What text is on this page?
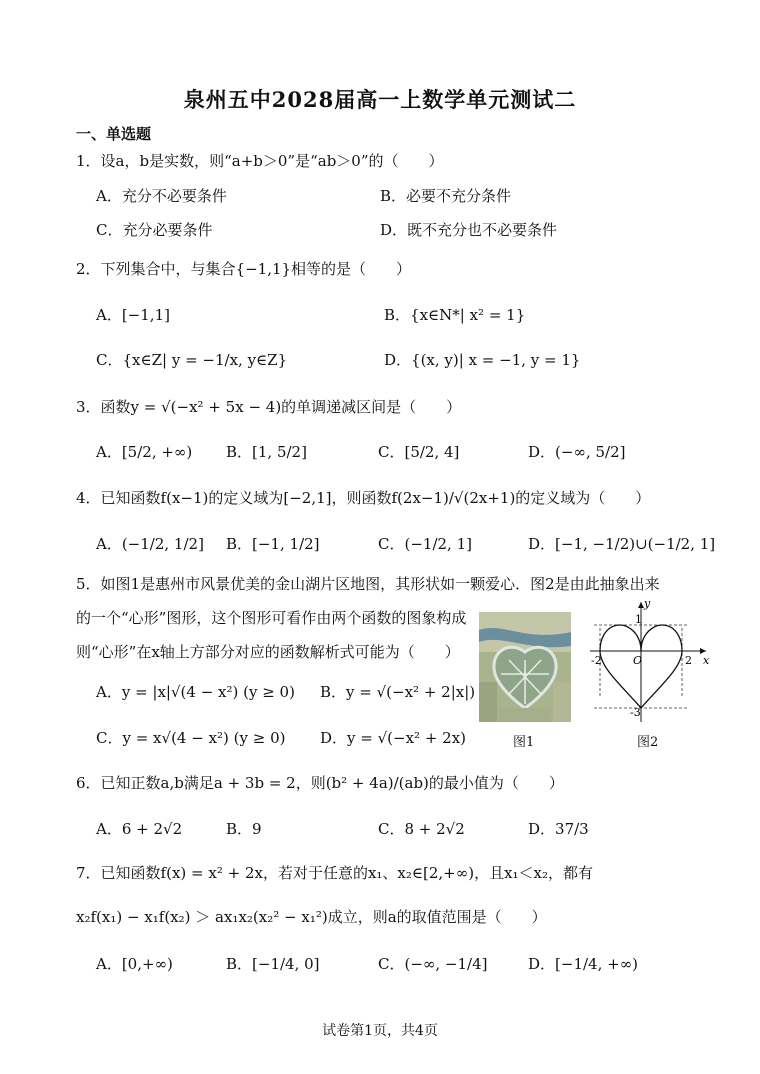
泉州五中2028届高一上数学单元测试二
一、单选题
1．设a，b是实数，则“a+b＞0”是“ab＞0”的（　　）
A．充分不必要条件	B．必要不充分条件
C．充分必要条件	D．既不充分也不必要条件
2．下列集合中，与集合{−1,1}相等的是（　　）
A．[−1,1]	B．{x∈N*| x² = 1}
C．{x∈Z| y = −1/x, y∈Z}	D．{(x, y)| x = −1, y = 1}
3．函数y = √(−x² + 5x − 4)的单调递减区间是（　　）
A．[5/2, +∞) B．[1, 5/2]	C．[5/2, 4]	D．(−∞, 5/2]
4．已知函数f(x−1)的定义域为[−2,1]，则函数f(2x−1)/√(2x+1)的定义域为（　　）
A．(−1/2, 1/2] B．[−1, 1/2]	C．(−1/2, 1]	D．[−1, −1/2)∪(−1/2, 1]
5．如图1是惠州市风景优美的金山湖片区地图，其形状如一颗爱心．图2是由此抽象出来
的一个“心形”图形，这个图形可看作由两个函数的图象构成
则“心形”在x轴上方部分对应的函数解析式可能为（　　）
A．y = |x|√(4 − x²) (y ≥ 0) B．y = √(−x² + 2|x|)
C．y = x√(4 − x²) (y ≥ 0) D．y = √(−x² + 2x)	图1
y
x
1
-2	O	2
-3
图2
6．已知正数a,b满足a + 3b = 2，则(b² + 4a)/(ab)的最小值为（　　）
A．6 + 2√2	B．9	C．8 + 2√2	D．37/3
7．已知函数f(x) = x² + 2x，若对于任意的x₁、x₂∈[2,+∞)，且x₁＜x₂，都有
x₂f(x₁) − x₁f(x₂) ＞ ax₁x₂(x₂² − x₁²)成立，则a的取值范围是（　　）
A．[0,+∞)	B．[−1/4, 0]	C．(−∞, −1/4]	D．[−1/4, +∞)
试卷第1页，共4页
